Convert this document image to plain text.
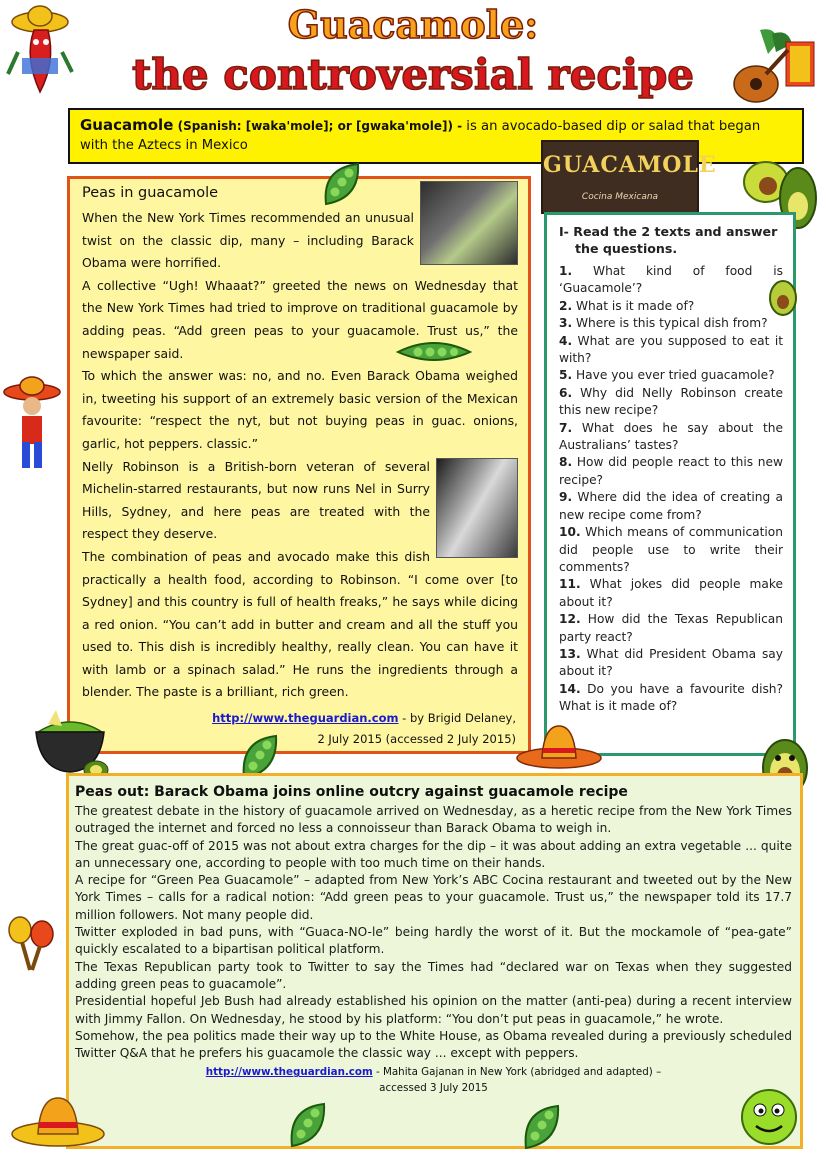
Guacamole:
the controversial recipe
Guacamole (Spanish: [waka'mole]; or [gwaka'mole]) - is an avocado-based dip or salad that began with the Aztecs in Mexico
Peas in guacamole

When the New York Times recommended an unusual twist on the classic dip, many – including Barack Obama were horrified.

A collective “Ugh! Whaaat?” greeted the news on Wednesday that the New York Times had tried to improve on traditional guacamole by adding peas. “Add green peas to your guacamole. Trust us,” the newspaper said.

To which the answer was: no, and no. Even Barack Obama weighed in, tweeting his support of an extremely basic version of the Mexican favourite: “respect the nyt, but not buying peas in guac. onions, garlic, hot peppers. classic.”

Nelly Robinson is a British-born veteran of several Michelin-starred restaurants, but now runs Nel in Surry Hills, Sydney, and here peas are treated with the respect they deserve.

The combination of peas and avocado make this dish practically a health food, according to Robinson. “I come over [to Sydney] and this country is full of health freaks,” he says while dicing a red onion. “You can’t add in butter and cream and all the stuff you used to. This dish is incredibly healthy, really clean. You can have it with lamb or a spinach salad.” He runs the ingredients through a blender. The paste is a brilliant, rich green.

http://www.theguardian.com - by Brigid Delaney,
2 July 2015 (accessed 2 July 2015)
GUACAMOLE
Cocina Mexicana
I- Read the 2 texts and answer the questions.
1. What kind of food is ‘Guacamole’?
2. What is it made of?
3. Where is this typical dish from?
4. What are you supposed to eat it with?
5. Have you ever tried guacamole?
6. Why did Nelly Robinson create this new recipe?
7. What does he say about the Australians’ tastes?
8. How did people react to this new recipe?
9. Where did the idea of creating a new recipe come from?
10. Which means of communication did people use to write their comments?
11. What jokes did people make about it?
12. How did the Texas Republican party react?
13. What did President Obama say about it?
14. Do you have a favourite dish? What is it made of?
Peas out: Barack Obama joins online outcry against guacamole recipe

The greatest debate in the history of guacamole arrived on Wednesday, as a heretic recipe from the New York Times outraged the internet and forced no less a connoisseur than Barack Obama to weigh in.

The great guac-off of 2015 was not about extra charges for the dip – it was about adding an extra vegetable ... quite an unnecessary one, according to people with too much time on their hands.

A recipe for “Green Pea Guacamole” – adapted from New York’s ABC Cocina restaurant and tweeted out by the New York Times – calls for a radical notion: “Add green peas to your guacamole. Trust us,” the newspaper told its 17.7 million followers. Not many people did.

Twitter exploded in bad puns, with “Guaca-NO-le” being hardly the worst of it. But the mockamole of “pea-gate” quickly escalated to a bipartisan political platform.

The Texas Republican party took to Twitter to say the Times had “declared war on Texas when they suggested adding green peas to guacamole”.

Presidential hopeful Jeb Bush had already established his opinion on the matter (anti-pea) during a recent interview with Jimmy Fallon. On Wednesday, he stood by his platform: “You don’t put peas in guacamole,” he wrote.

Somehow, the pea politics made their way up to the White House, as Obama revealed during a previously scheduled Twitter Q&A that he prefers his guacamole the classic way ... except with peppers.

http://www.theguardian.com - Mahita Gajanan in New York (abridged and adapted) –
accessed 3 July 2015
